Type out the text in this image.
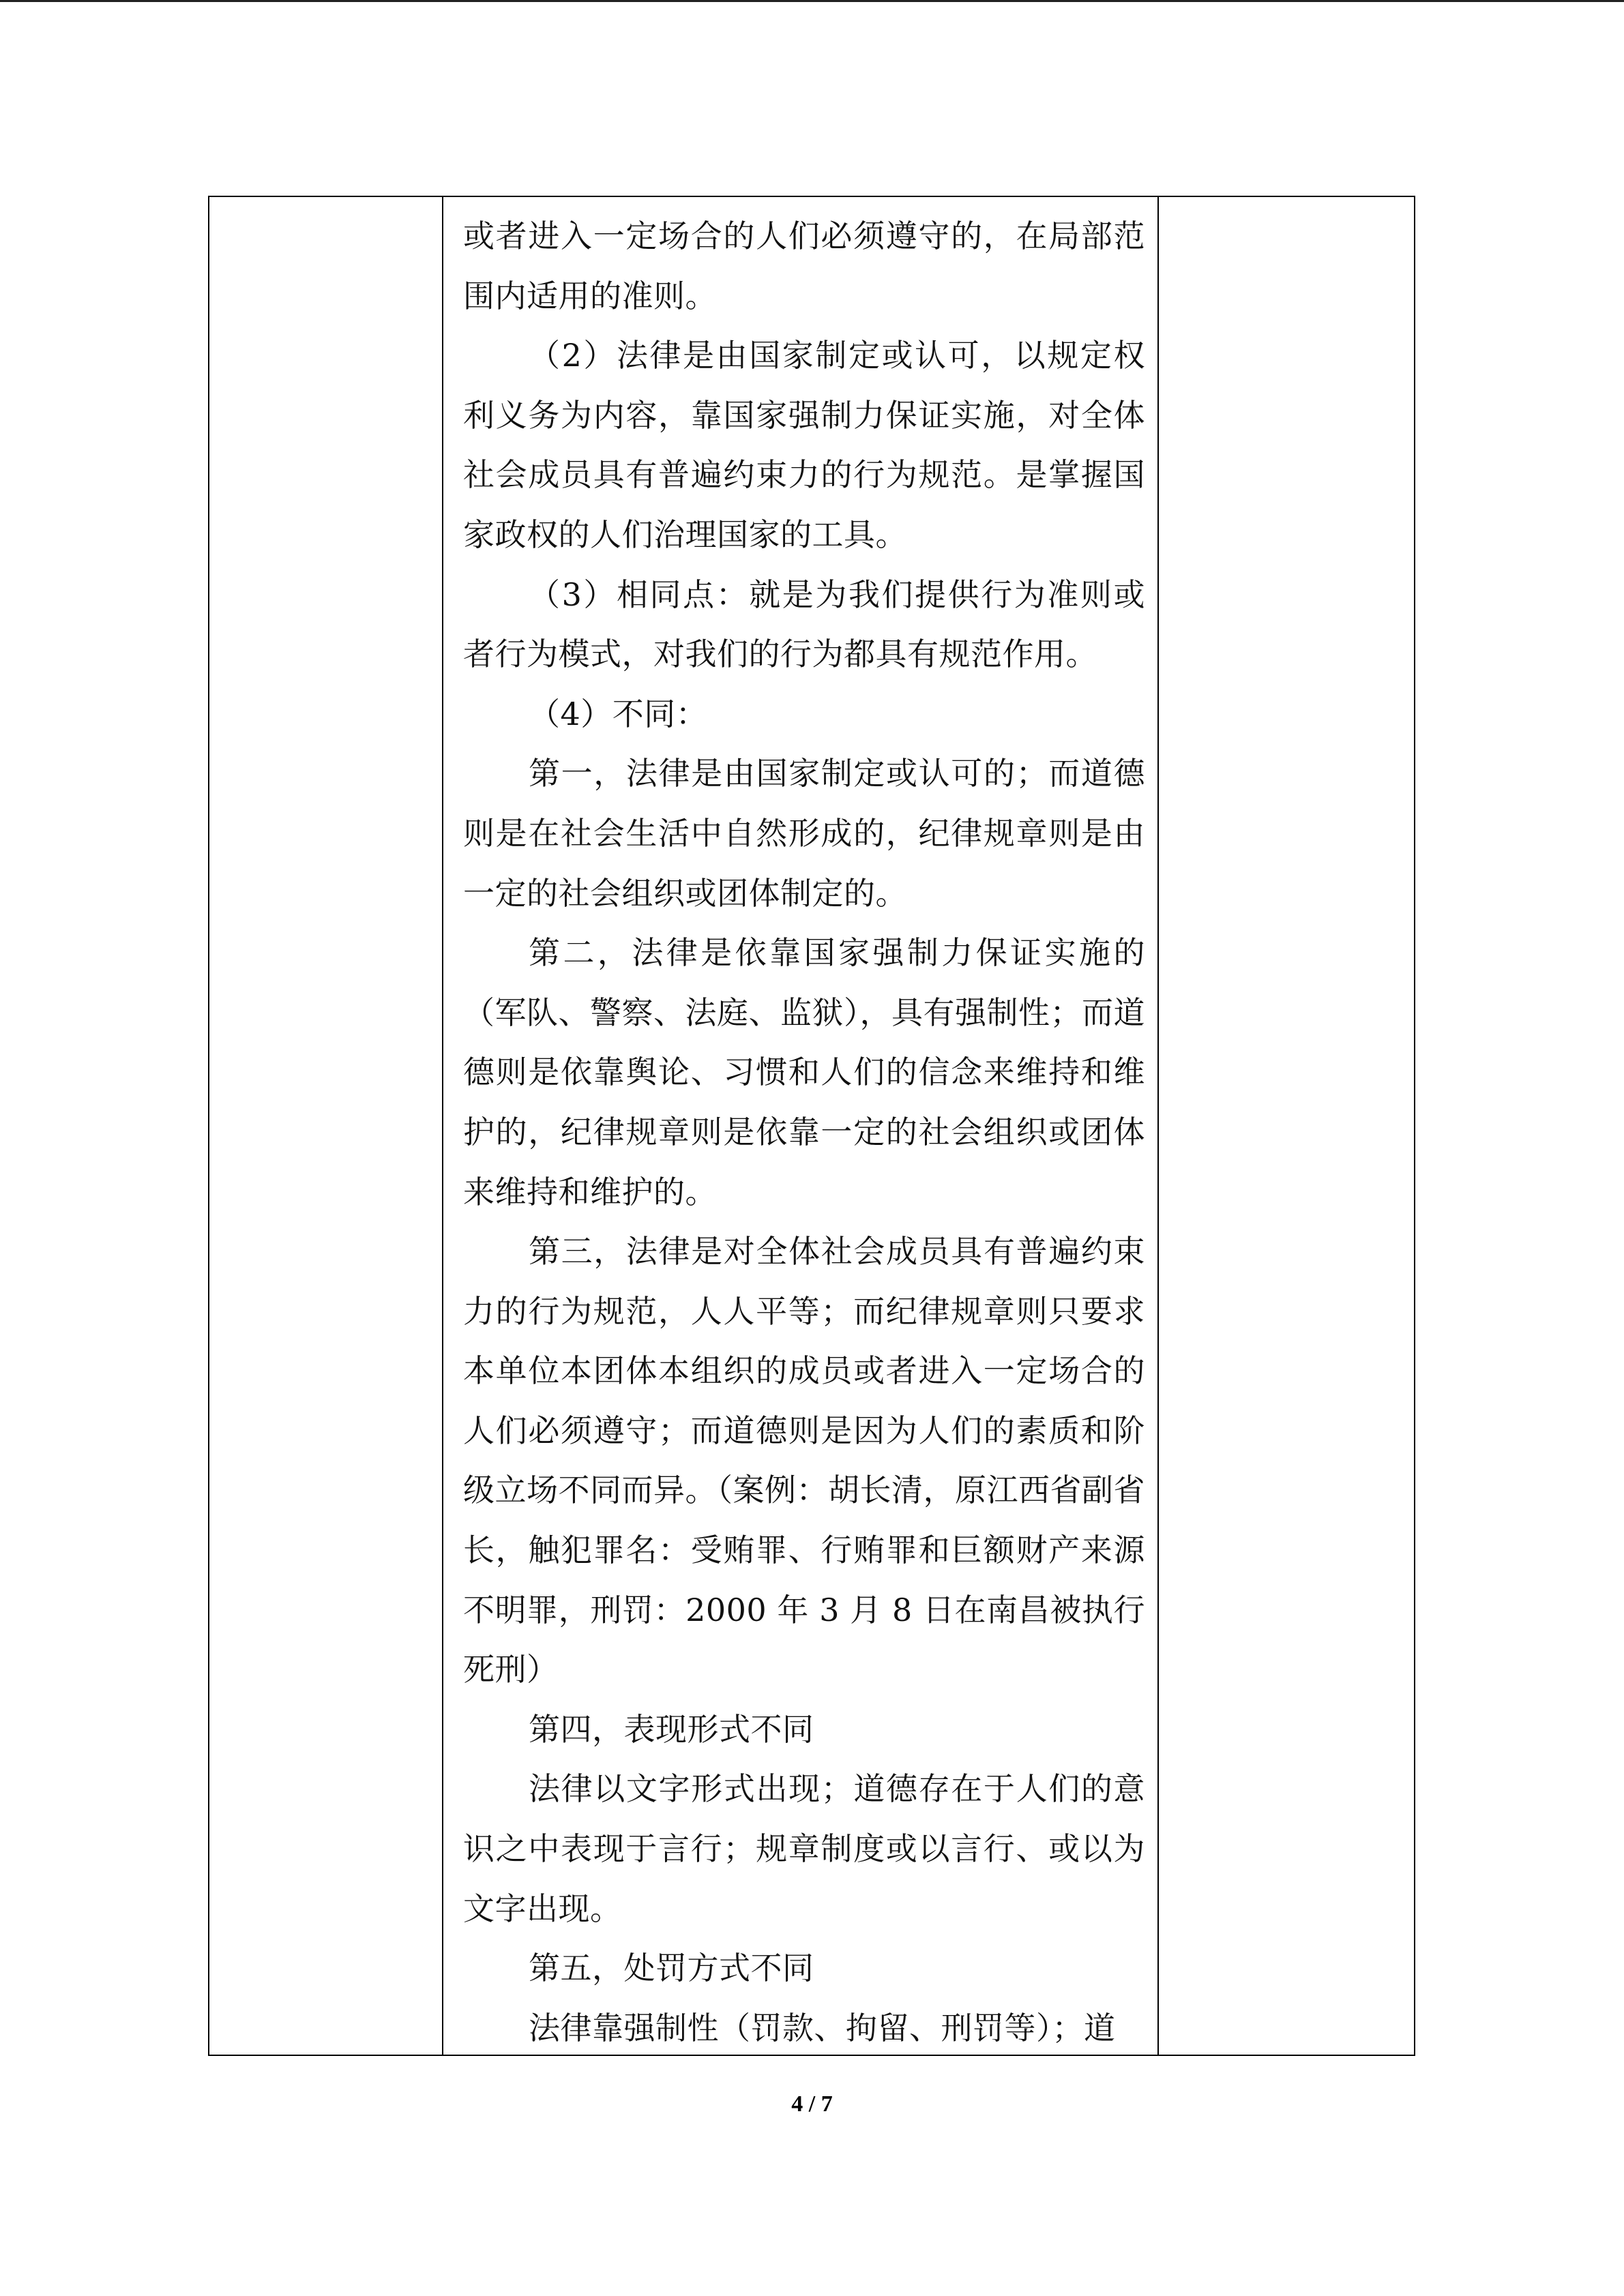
或者进入一定场合的人们必须遵守的，在局部范围内适用的准则。

（2）法律是由国家制定或认可，以规定权利义务为内容，靠国家强制力保证实施，对全体社会成员具有普遍约束力的行为规范。是掌握国家政权的人们治理国家的工具。

（3）相同点：就是为我们提供行为准则或者行为模式，对我们的行为都具有规范作用。

（4）不同：

第一，法律是由国家制定或认可的；而道德则是在社会生活中自然形成的，纪律规章则是由一定的社会组织或团体制定的。

第二，法律是依靠国家强制力保证实施的（军队、警察、法庭、监狱），具有强制性；而道德则是依靠舆论、习惯和人们的信念来维持和维护的，纪律规章则是依靠一定的社会组织或团体来维持和维护的。

第三，法律是对全体社会成员具有普遍约束力的行为规范，人人平等；而纪律规章则只要求本单位本团体本组织的成员或者进入一定场合的人们必须遵守；而道德则是因为人们的素质和阶级立场不同而异。（案例：胡长清，原江西省副省长，触犯罪名：受贿罪、行贿罪和巨额财产来源不明罪，刑罚：2000 年 3 月 8 日在南昌被执行死刑）

第四，表现形式不同

法律以文字形式出现；道德存在于人们的意识之中表现于言行；规章制度或以言行、或以为文字出现。

第五，处罚方式不同

法律靠强制性（罚款、拘留、刑罚等）；道

4 / 7
